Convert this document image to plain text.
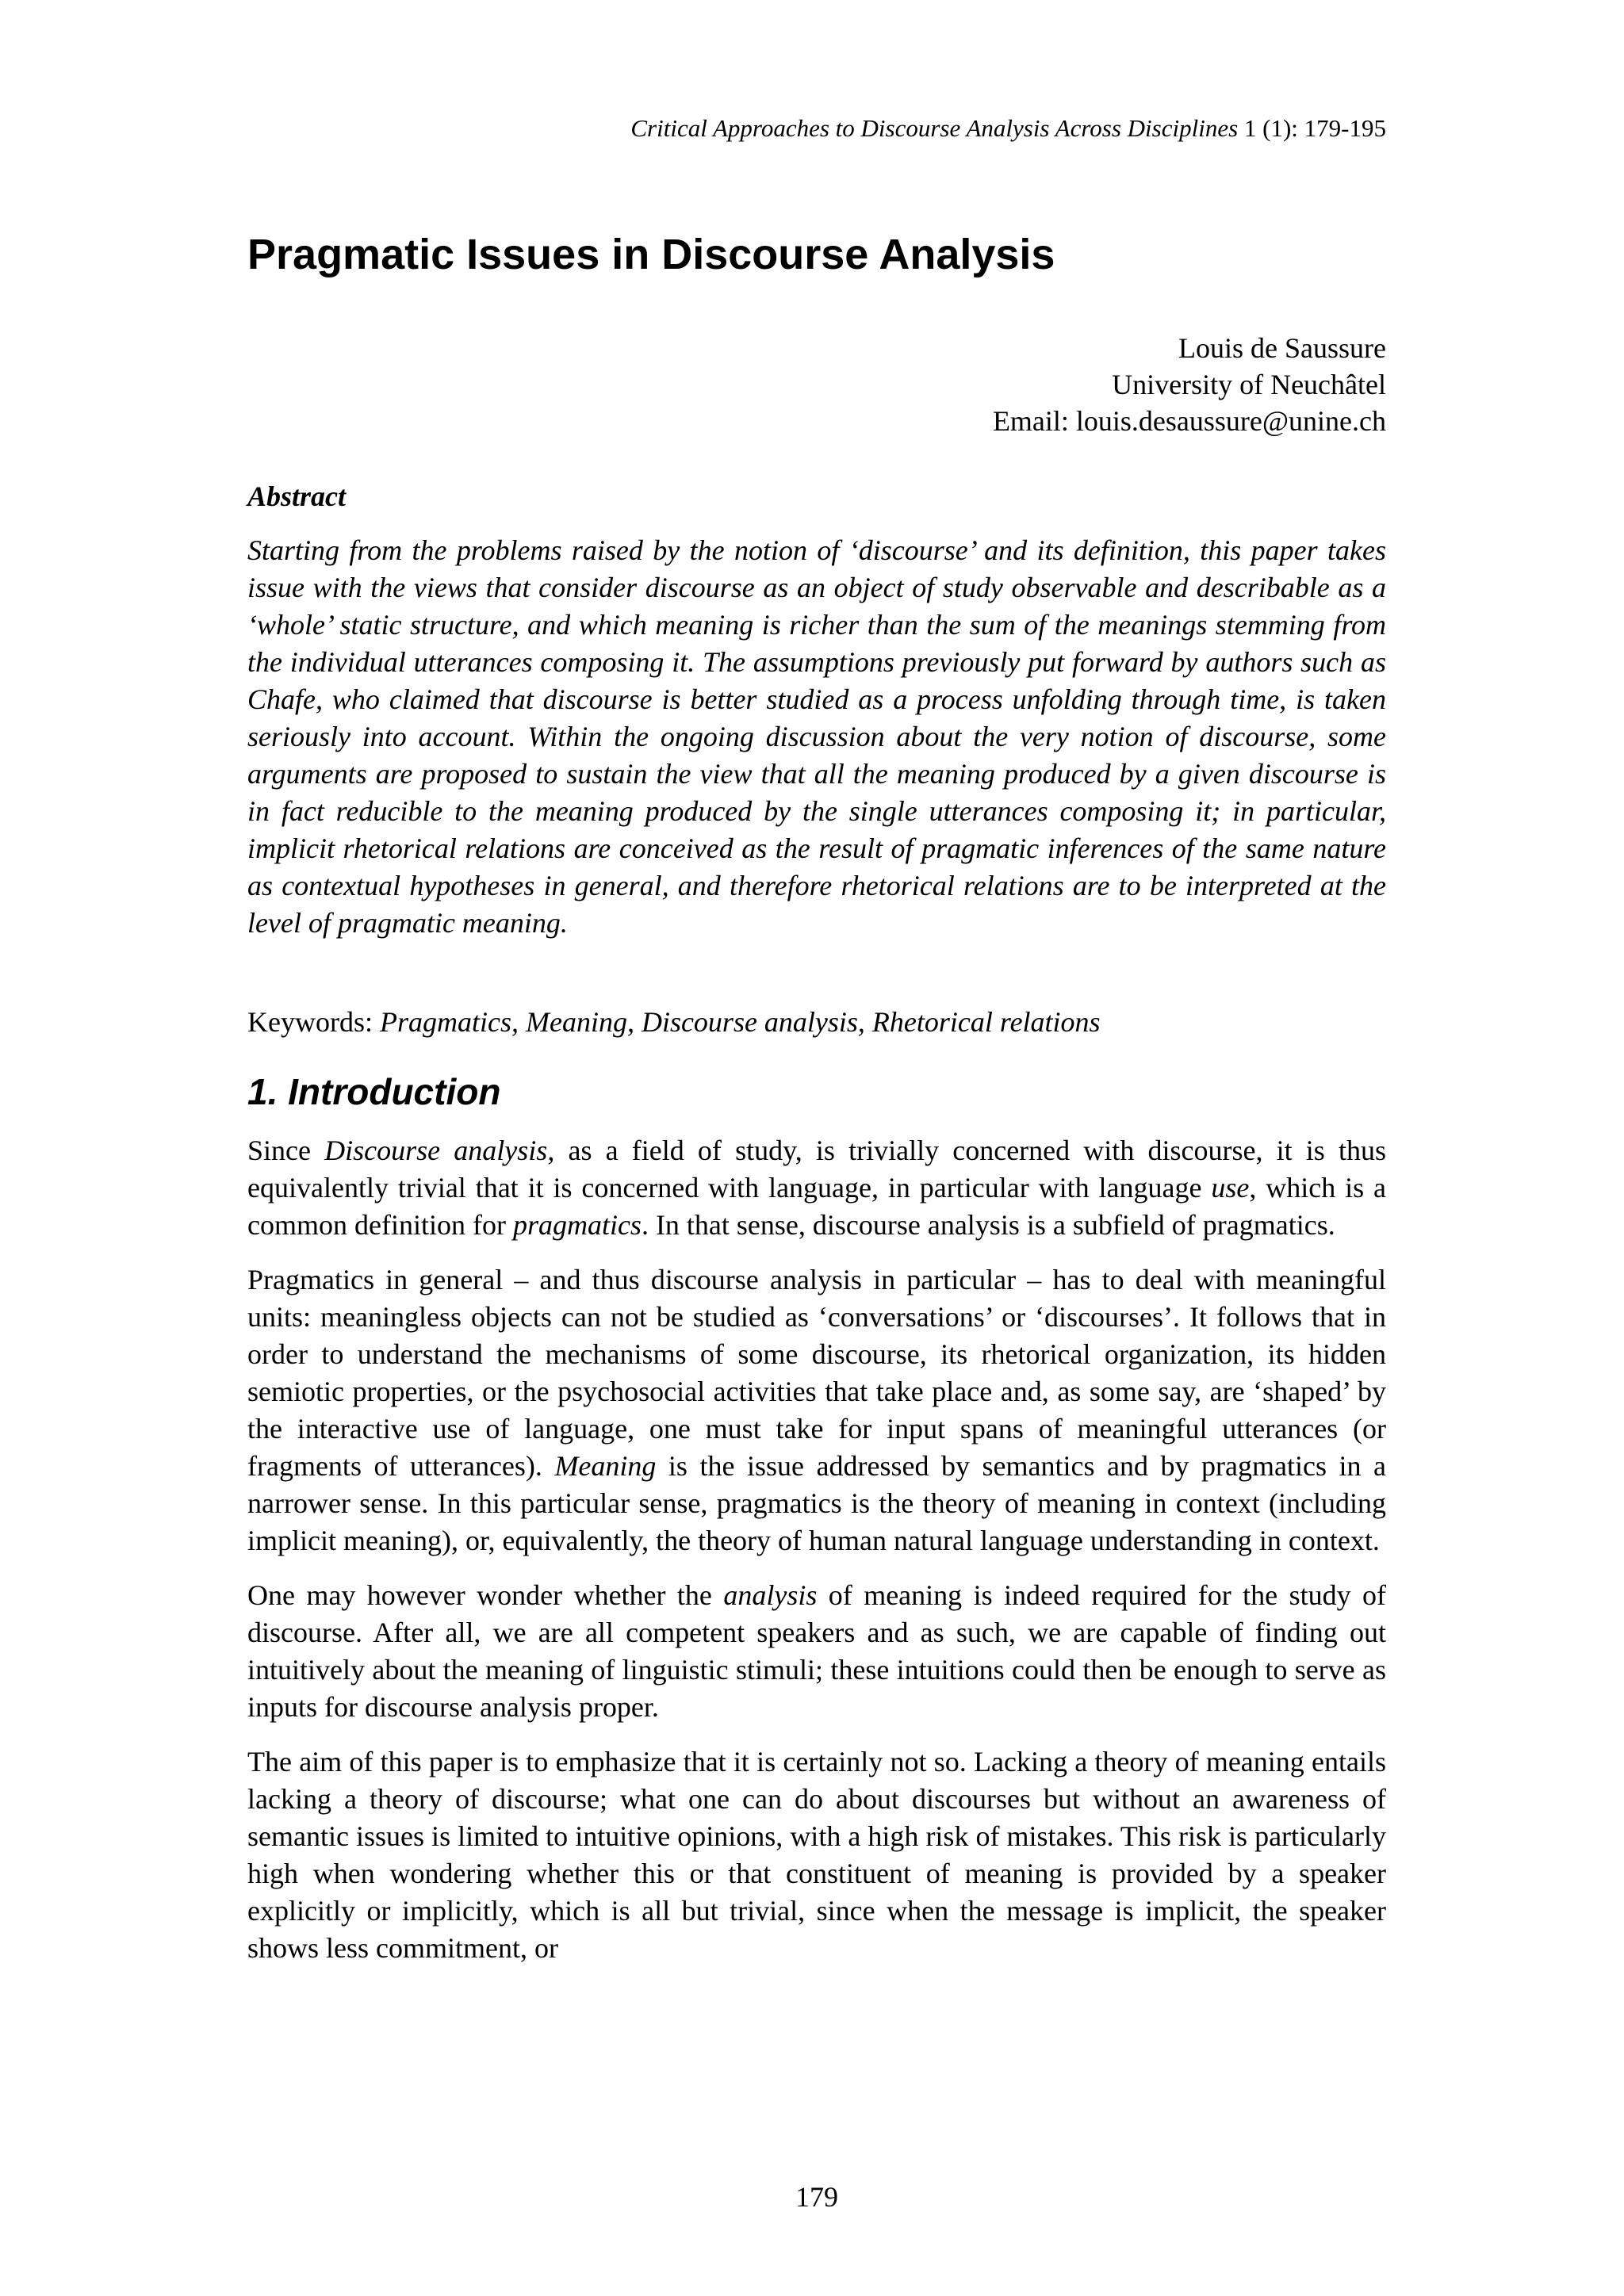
Critical Approaches to Discourse Analysis Across Disciplines 1 (1): 179-195
Pragmatic Issues in Discourse Analysis
Louis de Saussure
University of Neuchâtel
Email: louis.desaussure@unine.ch
Abstract

Starting from the problems raised by the notion of ‘discourse’ and its definition, this paper takes issue with the views that consider discourse as an object of study observable and describable as a ‘whole’ static structure, and which meaning is richer than the sum of the meanings stemming from the individual utterances composing it. The assumptions previously put forward by authors such as Chafe, who claimed that discourse is better studied as a process unfolding through time, is taken seriously into account. Within the ongoing discussion about the very notion of discourse, some arguments are proposed to sustain the view that all the meaning produced by a given discourse is in fact reducible to the meaning produced by the single utterances composing it; in particular, implicit rhetorical relations are conceived as the result of pragmatic inferences of the same nature as contextual hypotheses in general, and therefore rhetorical relations are to be interpreted at the level of pragmatic meaning.

Keywords: Pragmatics, Meaning, Discourse analysis, Rhetorical relations

1. Introduction

Since Discourse analysis, as a field of study, is trivially concerned with discourse, it is thus equivalently trivial that it is concerned with language, in particular with language use, which is a common definition for pragmatics. In that sense, discourse analysis is a subfield of pragmatics.

Pragmatics in general – and thus discourse analysis in particular – has to deal with meaningful units: meaningless objects can not be studied as ‘conversations’ or ‘discourses’. It follows that in order to understand the mechanisms of some discourse, its rhetorical organization, its hidden semiotic properties, or the psychosocial activities that take place and, as some say, are ‘shaped’ by the interactive use of language, one must take for input spans of meaningful utterances (or fragments of utterances). Meaning is the issue addressed by semantics and by pragmatics in a narrower sense. In this particular sense, pragmatics is the theory of meaning in context (including implicit meaning), or, equivalently, the theory of human natural language understanding in context.

One may however wonder whether the analysis of meaning is indeed required for the study of discourse. After all, we are all competent speakers and as such, we are capable of finding out intuitively about the meaning of linguistic stimuli; these intuitions could then be enough to serve as inputs for discourse analysis proper.

The aim of this paper is to emphasize that it is certainly not so. Lacking a theory of meaning entails lacking a theory of discourse; what one can do about discourses but without an awareness of semantic issues is limited to intuitive opinions, with a high risk of mistakes. This risk is particularly high when wondering whether this or that constituent of meaning is provided by a speaker explicitly or implicitly, which is all but trivial, since when the message is implicit, the speaker shows less commitment, or

179
